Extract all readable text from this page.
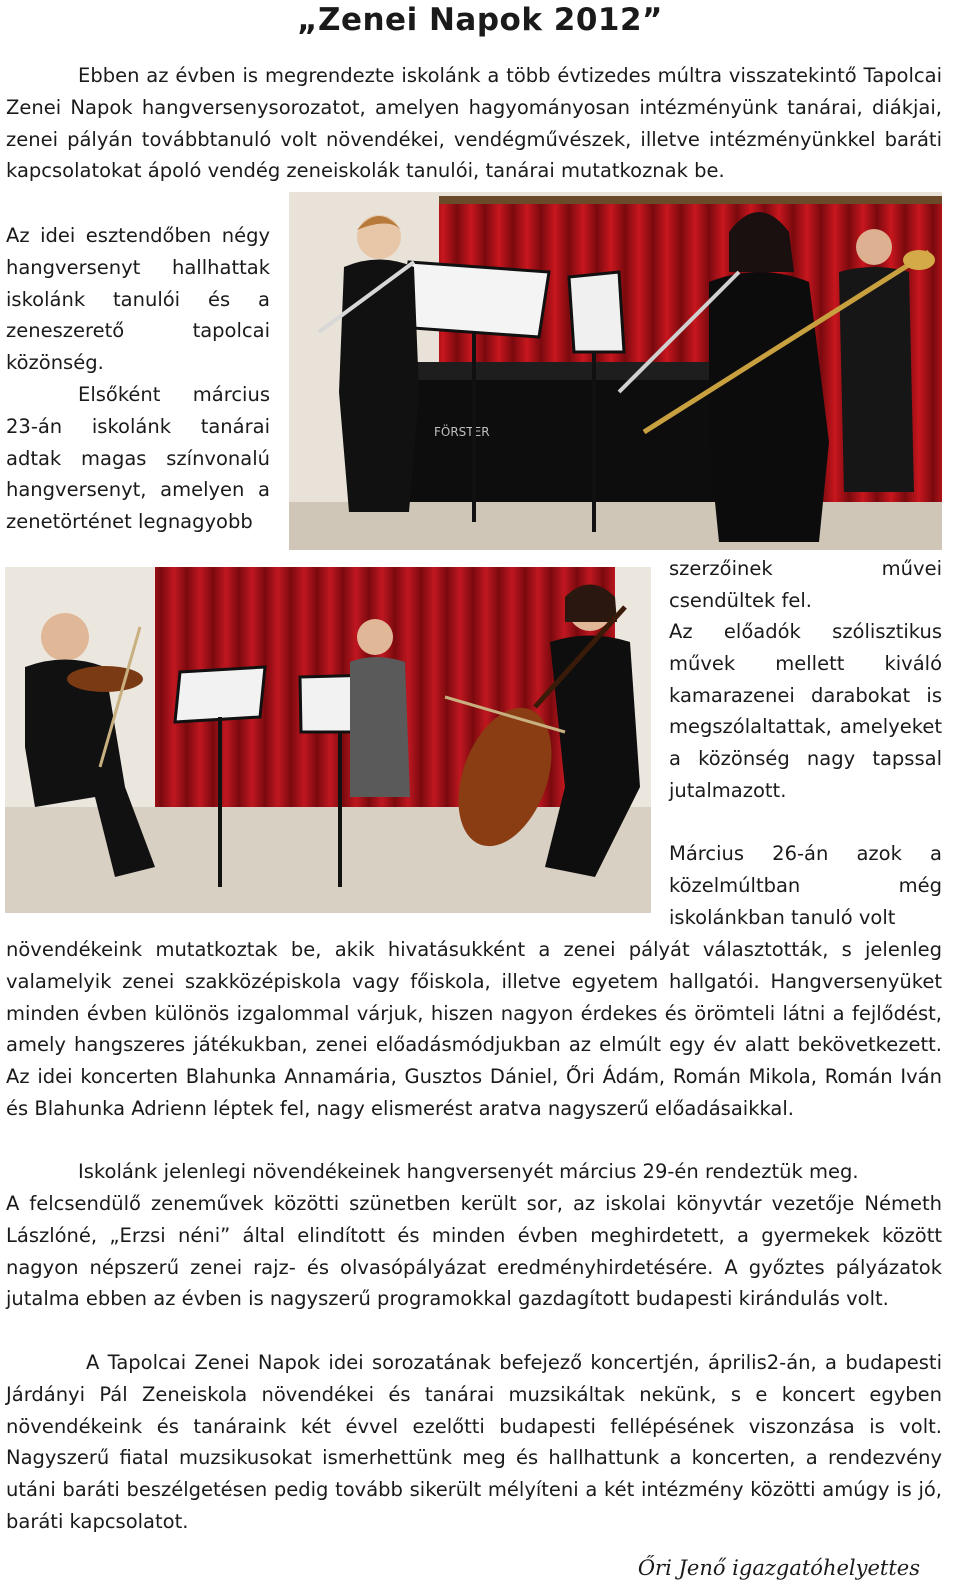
„Zenei Napok 2012”
Ebben az évben is megrendezte iskolánk a több évtizedes múltra visszatekintő Tapolcai Zenei Napok hangversenysorozatot, amelyen hagyományosan intézményünk tanárai, diákjai, zenei pályán továbbtanuló volt növendékei, vendégművészek, illetve intézményünkkel baráti kapcsolatokat ápoló vendég zeneiskolák tanulói, tanárai mutatkoznak be.
Az idei esztendőben négy hangversenyt hallhattak iskolánk tanulói és a zeneszerető tapolcai közönség.
Elsőként március 23-án iskolánk tanárai adtak magas színvonalú hangversenyt, amelyen a zenetörténet legnagyobb
FÖRSTER
szerzőinek művei csendültek fel.
Az előadók szólisztikus művek mellett kiváló kamarazenei darabokat is megszólaltattak, amelyeket a közönség nagy tapssal jutalmazott.
Március 26-án azok a közelmúltban még iskolánkban tanuló volt
növendékeink mutatkoztak be, akik hivatásukként a zenei pályát választották, s jelenleg valamelyik zenei szakközépiskola vagy főiskola, illetve egyetem hallgatói. Hangversenyüket minden évben különös izgalommal várjuk, hiszen nagyon érdekes és örömteli látni a fejlődést, amely hangszeres játékukban, zenei előadásmódjukban az elmúlt egy év alatt bekövetkezett. Az idei koncerten Blahunka Annamária, Gusztos Dániel, Őri Ádám, Román Mikola, Román Iván és Blahunka Adrienn léptek fel, nagy elismerést aratva nagyszerű előadásaikkal.
Iskolánk jelenlegi növendékeinek hangversenyét március 29-én rendeztük meg.
A felcsendülő zeneművek közötti szünetben került sor, az iskolai könyvtár vezetője Németh Lászlóné, „Erzsi néni” által elindított és minden évben meghirdetett, a gyermekek között nagyon népszerű zenei rajz- és olvasópályázat eredményhirdetésére. A győztes pályázatok jutalma ebben az évben is nagyszerű programokkal gazdagított budapesti kirándulás volt.
A Tapolcai Zenei Napok idei sorozatának befejező koncertjén, április2-án, a budapesti Járdányi Pál Zeneiskola növendékei és tanárai muzsikáltak nekünk, s e koncert egyben növendékeink és tanáraink két évvel ezelőtti budapesti fellépésének viszonzása is volt. Nagyszerű fiatal muzsikusokat ismerhettünk meg és hallhattunk a koncerten, a rendezvény utáni baráti beszélgetésen pedig tovább sikerült mélyíteni a két intézmény közötti amúgy is jó, baráti kapcsolatot.
Őri Jenő igazgatóhelyettes
